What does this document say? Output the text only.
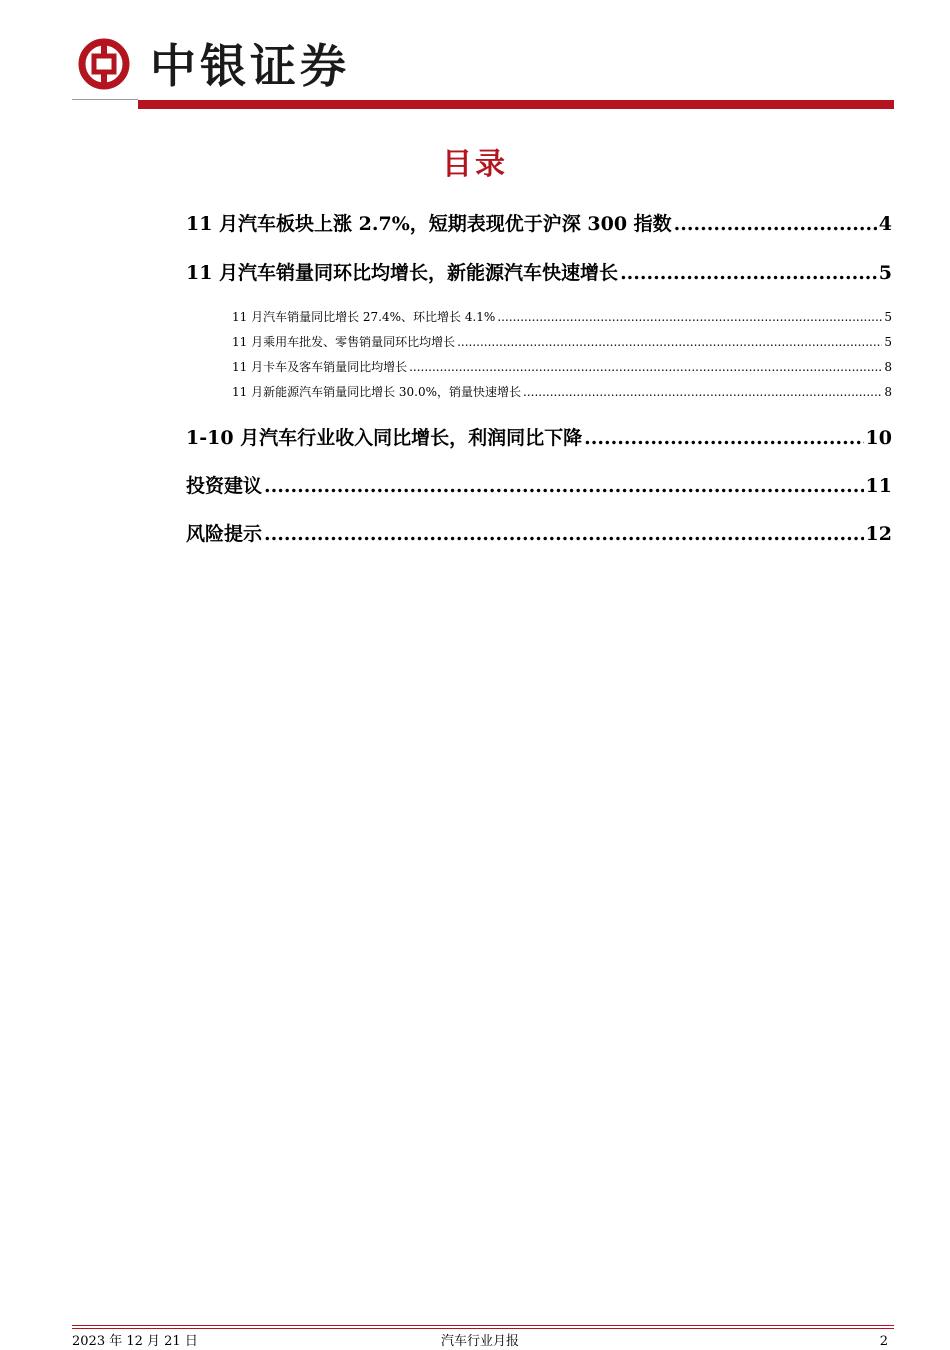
中银证券
目录
11 月汽车板块上涨 2.7%，短期表现优于沪深 300 指数 .....	4
11 月汽车销量同环比均增长，新能源汽车快速增长 .....	5
11 月汽车销量同比增长 27.4%、环比增长 4.1% .....	5
11 月乘用车批发、零售销量同环比均增长 .....	5
11 月卡车及客车销量同比均增长 .....	8
11 月新能源汽车销量同比增长 30.0%，销量快速增长 .....	8
1-10 月汽车行业收入同比增长，利润同比下降 .....	10
投资建议 .....	11
风险提示 .....	12
2023 年 12 月 21 日	汽车行业月报	2
